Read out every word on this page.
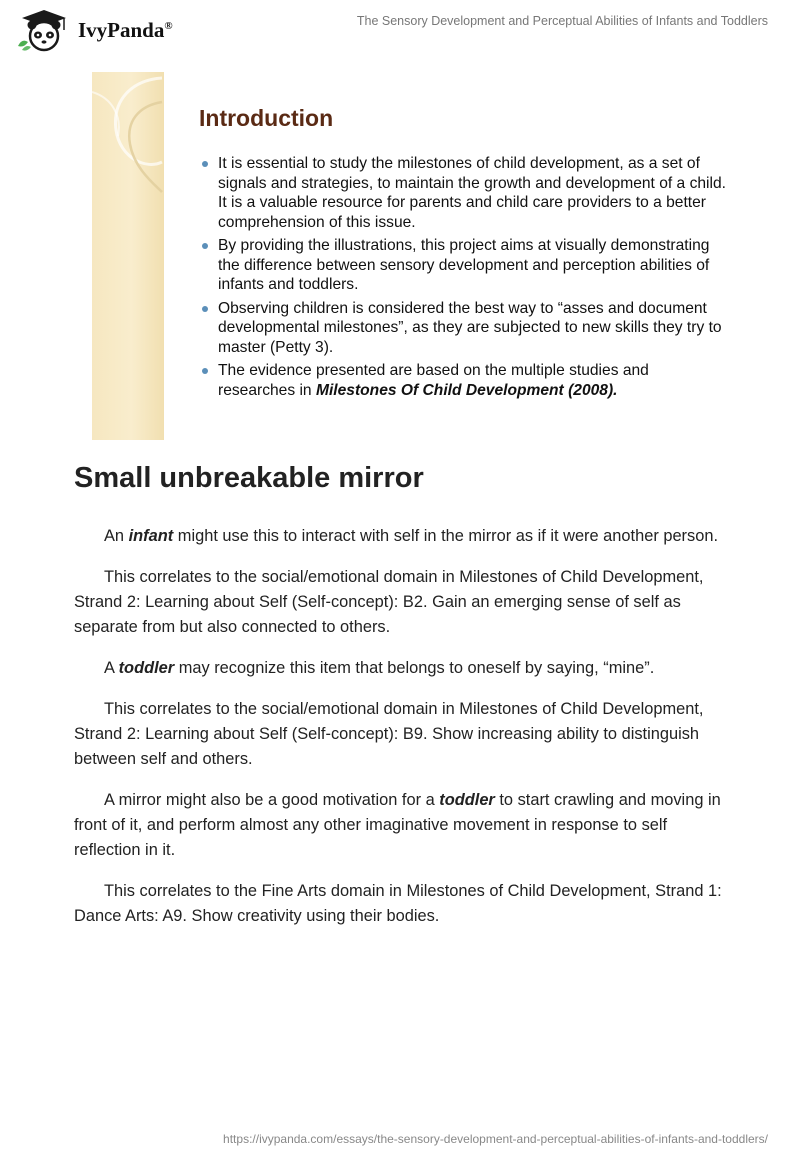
IvyPanda®	The Sensory Development and Perceptual Abilities of Infants and Toddlers
Introduction
It is essential to study the milestones of child development, as a set of signals and strategies, to maintain the growth and development of a child. It is a valuable resource for parents and child care providers to a better comprehension of this issue.
By providing the illustrations, this project aims at visually demonstrating the difference between sensory development and perception abilities of infants and toddlers.
Observing children is considered the best way to “asses and document developmental milestones”, as they are subjected to new skills they try to master (Petty 3).
The evidence presented are based on the multiple studies and researches in Milestones Of Child Development (2008).
Small unbreakable mirror

An infant might use this to interact with self in the mirror as if it were another person.

This correlates to the social/emotional domain in Milestones of Child Development, Strand 2: Learning about Self (Self-concept): B2. Gain an emerging sense of self as separate from but also connected to others.

A toddler may recognize this item that belongs to oneself by saying, “mine”.

This correlates to the social/emotional domain in Milestones of Child Development, Strand 2: Learning about Self (Self-concept): B9. Show increasing ability to distinguish between self and others.

A mirror might also be a good motivation for a toddler to start crawling and moving in front of it, and perform almost any other imaginative movement in response to self reflection in it.

This correlates to the Fine Arts domain in Milestones of Child Development, Strand 1: Dance Arts: A9. Show creativity using their bodies.

https://ivypanda.com/essays/the-sensory-development-and-perceptual-abilities-of-infants-and-toddlers/
